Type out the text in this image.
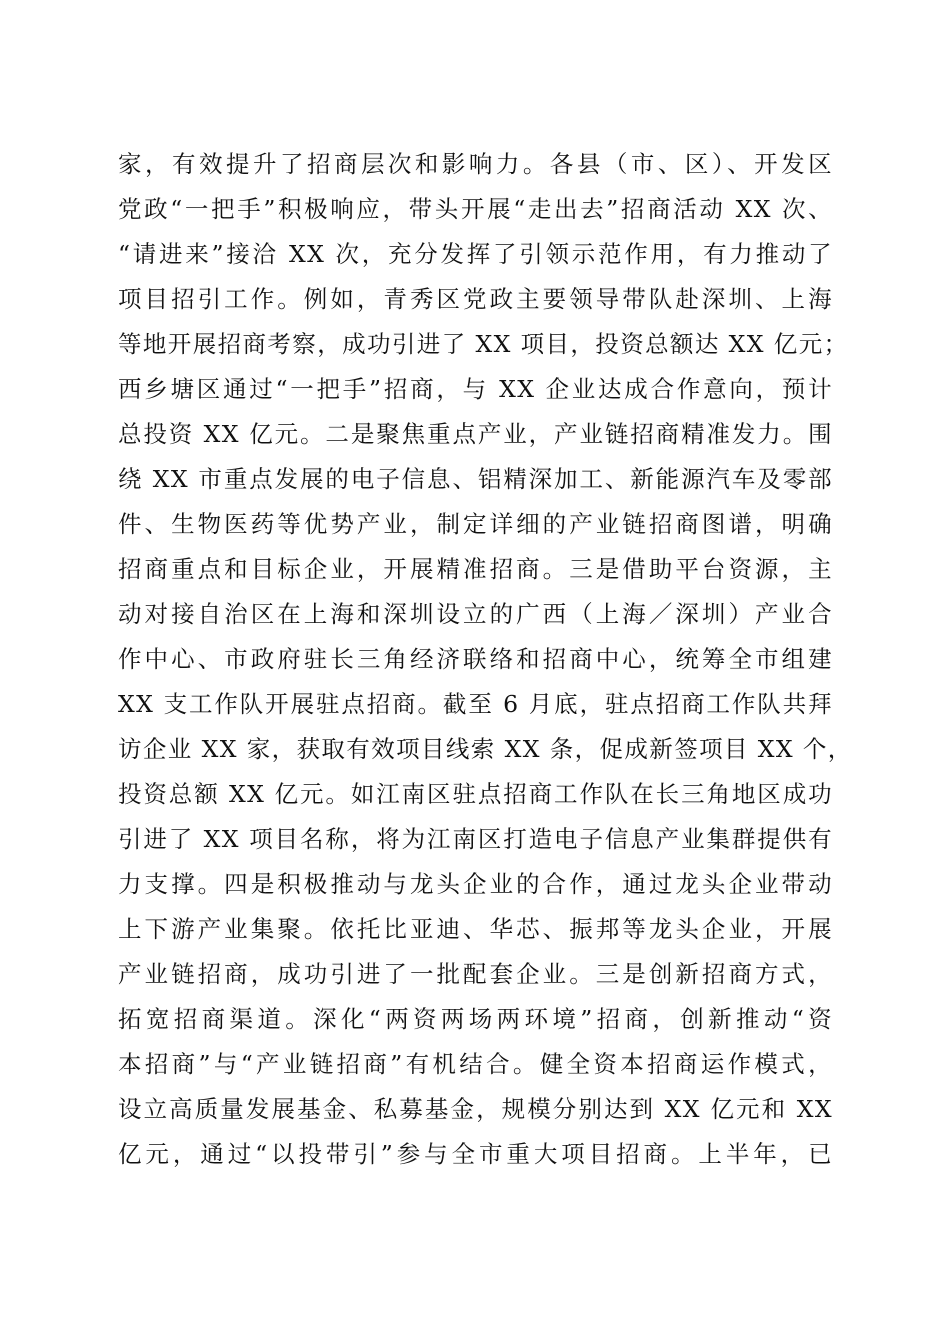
家，有效提升了招商层次和影响力。各县（市、区）、开发区
党政“一把手”积极响应，带头开展“走出去”招商活动 XX 次、
“请进来”接洽 XX 次，充分发挥了引领示范作用，有力推动了
项目招引工作。例如，青秀区党政主要领导带队赴深圳、上海
等地开展招商考察，成功引进了 XX 项目，投资总额达 XX 亿元；
西乡塘区通过“一把手”招商，与 XX 企业达成合作意向，预计
总投资 XX 亿元。二是聚焦重点产业，产业链招商精准发力。围
绕 XX 市重点发展的电子信息、铝精深加工、新能源汽车及零部
件、生物医药等优势产业，制定详细的产业链招商图谱，明确
招商重点和目标企业，开展精准招商。三是借助平台资源，主
动对接自治区在上海和深圳设立的广西（上海／深圳）产业合
作中心、市政府驻长三角经济联络和招商中心，统筹全市组建
XX 支工作队开展驻点招商。截至 6 月底，驻点招商工作队共拜
访企业 XX 家，获取有效项目线索 XX 条，促成新签项目 XX 个，
投资总额 XX 亿元。如江南区驻点招商工作队在长三角地区成功
引进了 XX 项目名称，将为江南区打造电子信息产业集群提供有
力支撑。四是积极推动与龙头企业的合作，通过龙头企业带动
上下游产业集聚。依托比亚迪、华芯、振邦等龙头企业，开展
产业链招商，成功引进了一批配套企业。三是创新招商方式，
拓宽招商渠道。深化“两资两场两环境”招商，创新推动“资
本招商”与“产业链招商”有机结合。健全资本招商运作模式，
设立高质量发展基金、私募基金，规模分别达到 XX 亿元和 XX
亿元，通过“以投带引”参与全市重大项目招商。上半年，已
